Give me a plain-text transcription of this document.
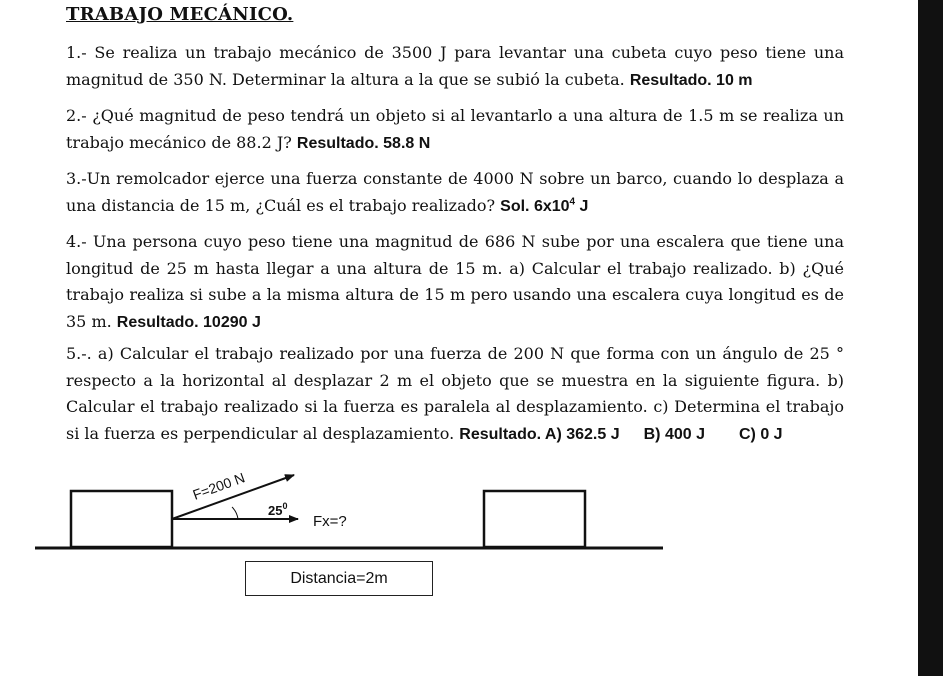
TRABAJO MECÁNICO.

1.- Se realiza un trabajo mecánico de 3500 J para levantar una cubeta cuyo peso tiene una magnitud de 350 N. Determinar la altura a la que se subió la cubeta. Resultado. 10 m

2.- ¿Qué magnitud de peso tendrá un objeto si al levantarlo a una altura de 1.5 m se realiza un trabajo mecánico de 88.2 J? Resultado. 58.8 N

3.-Un remolcador ejerce una fuerza constante de 4000 N sobre un barco, cuando lo desplaza a una distancia de 15 m, ¿Cuál es el trabajo realizado? Sol. $6x10^4$ J

4.- Una persona cuyo peso tiene una magnitud de 686 N sube por una escalera que tiene una longitud de 25 m hasta llegar a una altura de 15 m. a) Calcular el trabajo realizado. b) ¿Qué trabajo realiza si sube a la misma altura de 15 m pero usando una escalera cuya longitud es de 35 m. Resultado. 10290 J

5.-. a) Calcular el trabajo realizado por una fuerza de 200 N que forma con un ángulo de 25 ° respecto a la horizontal al desplazar 2 m el objeto que se muestra en la siguiente figura. b) Calcular el trabajo realizado si la fuerza es paralela al desplazamiento. c) Determina el trabajo si la fuerza es perpendicular al desplazamiento. Resultado. A) 362.5 J B) 400 J C) 0 J

F=200 N
$25^0$
Fx=?
Distancia=2m
